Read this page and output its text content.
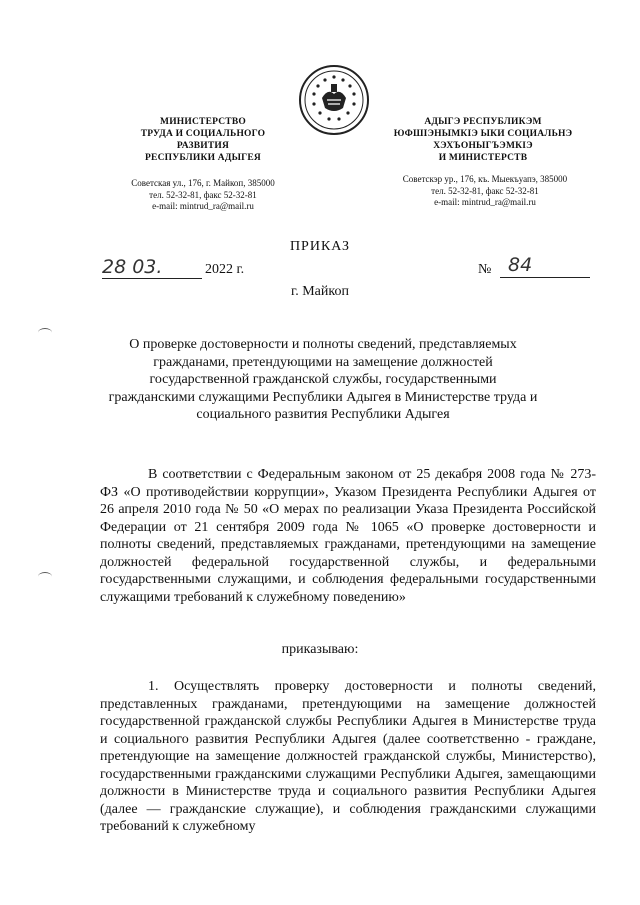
МИНИСТЕРСТВО
ТРУДА И СОЦИАЛЬНОГО
РАЗВИТИЯ
РЕСПУБЛИКИ АДЫГЕЯ
Советская ул., 176, г. Майкоп, 385000
тел. 52-32-81, факс 52-32-81
e-mail: mintrud_ra@mail.ru
АДЫГЭ РЕСПУБЛИКЭМ
ЮФШІЭНЫМКІЭ ЫКИ СОЦИАЛЬНЭ
ХЭХЪОНЫГЪЭМКІЭ
И МИНИСТЕРСТВ
Советскэр ур., 176, къ. Мыекъуапэ, 385000
тел. 52-32-81, факс 52-32-81
e-mail: mintrud_ra@mail.ru
ПРИКАЗ
28 03.	2022 г.	№ 84
г. Майкоп
О проверке достоверности и полноты сведений, представляемых гражданами, претендующими на замещение должностей государственной гражданской службы, государственными гражданскими служащими Республики Адыгея в Министерстве труда и социального развития Республики Адыгея
В соответствии с Федеральным законом от 25 декабря 2008 года № 273-ФЗ «О противодействии коррупции», Указом Президента Республики Адыгея от 26 апреля 2010 года № 50 «О мерах по реализации Указа Президента Российской Федерации от 21 сентября 2009 года № 1065 «О проверке достоверности и полноты сведений, представляемых гражданами, претендующими на замещение должностей федеральной государственной службы, и федеральными государственными служащими, и соблюдения федеральными государственными служащими требований к служебному поведению»
приказываю:
1. Осуществлять проверку достоверности и полноты сведений, представленных гражданами, претендующими на замещение должностей государственной гражданской службы Республики Адыгея в Министерстве труда и социального развития Республики Адыгея (далее соответственно - граждане, претендующие на замещение должностей гражданской службы, Министерство), государственными гражданскими служащими Республики Адыгея, замещающими должности в Министерстве труда и социального развития Республики Адыгея (далее — гражданские служащие), и соблюдения гражданскими служащими требований к служебному
